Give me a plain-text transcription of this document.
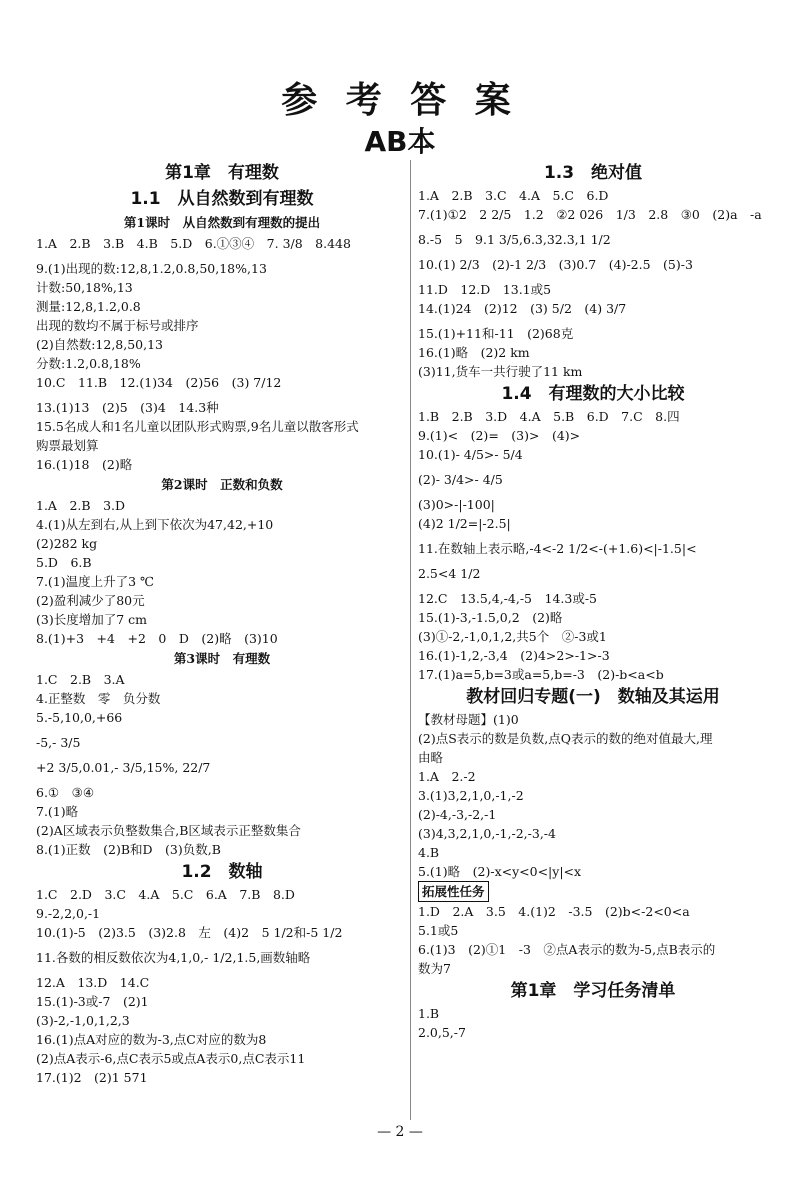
参 考 答 案
AB本
第1章　有理数
1.1　从自然数到有理数
第1课时　从自然数到有理数的提出
1.A　2.B　3.B　4.B　5.D　6.①③④　7. 3/8　8.448
9.(1)出现的数:12,8,1.2,0.8,50,18%,13
计数:50,18%,13
测量:12,8,1.2,0.8
出现的数均不属于标号或排序
(2)自然数:12,8,50,13
分数:1.2,0.8,18%
10.C　11.B　12.(1)34　(2)56　(3) 7/12
13.(1)13　(2)5　(3)4　14.3种
15.5名成人和1名儿童以团队形式购票,9名儿童以散客形式
购票最划算
16.(1)18　(2)略
第2课时　正数和负数
1.A　2.B　3.D
4.(1)从左到右,从上到下依次为47,42,+10
(2)282 kg
5.D　6.B
7.(1)温度上升了3 ℃
(2)盈利减少了80元
(3)长度增加了7 cm
8.(1)+3　+4　+2　0　D　(2)略　(3)10
第3课时　有理数
1.C　2.B　3.A
4.正整数　零　负分数
5.-5,10,0,+66
-5,- 3/5
+2 3/5,0.01,- 3/5,15%, 22/7
6.①　③④
7.(1)略
(2)A区域表示负整数集合,B区域表示正整数集合
8.(1)正数　(2)B和D　(3)负数,B
1.2　数轴
1.C　2.D　3.C　4.A　5.C　6.A　7.B　8.D
9.-2,2,0,-1
10.(1)-5　(2)3.5　(3)2.8　左　(4)2　5 1/2和-5 1/2
11.各数的相反数依次为4,1,0,- 1/2,1.5,画数轴略
12.A　13.D　14.C
15.(1)-3或-7　(2)1
(3)-2,-1,0,1,2,3
16.(1)点A对应的数为-3,点C对应的数为8
(2)点A表示-6,点C表示5或点A表示0,点C表示11
17.(1)2　(2)1 571
1.3　绝对值
1.A　2.B　3.C　4.A　5.C　6.D
7.(1)①2　2 2/5　1.2　②2 026　1/3　2.8　③0　(2)a　-a
8.-5　5　9.1 3/5,6.3,32.3,1 1/2
10.(1) 2/3　(2)-1 2/3　(3)0.7　(4)-2.5　(5)-3
11.D　12.D　13.1或5
14.(1)24　(2)12　(3) 5/2　(4) 3/7
15.(1)+11和-11　(2)68克
16.(1)略　(2)2 km
(3)11,货车一共行驶了11 km
1.4　有理数的大小比较
1.B　2.B　3.D　4.A　5.B　6.D　7.C　8.四
9.(1)<　(2)=　(3)>　(4)>
10.(1)- 4/5>- 5/4
(2)- 3/4>- 4/5
(3)0>-|-100|
(4)2 1/2=|-2.5|
11.在数轴上表示略,-4<-2 1/2<-(+1.6)<|-1.5|<
2.5<4 1/2
12.C　13.5,4,-4,-5　14.3或-5
15.(1)-3,-1.5,0,2　(2)略
(3)①-2,-1,0,1,2,共5个　②-3或1
16.(1)-1,2,-3,4　(2)4>2>-1>-3
17.(1)a=5,b=3或a=5,b=-3　(2)-b<a<b
教材回归专题(一)　数轴及其运用
【教材母题】(1)0
(2)点S表示的数是负数,点Q表示的数的绝对值最大,理
由略
1.A　2.-2
3.(1)3,2,1,0,-1,-2
(2)-4,-3,-2,-1
(3)4,3,2,1,0,-1,-2,-3,-4
4.B
5.(1)略　(2)-x<y<0<|y|<x
拓展性任务
1.D　2.A　3.5　4.(1)2　-3.5　(2)b<-2<0<a
5.1或5
6.(1)3　(2)①1　-3　②点A表示的数为-5,点B表示的
数为7
第1章　学习任务清单
1.B
2.0,5,-7
— 2 —
